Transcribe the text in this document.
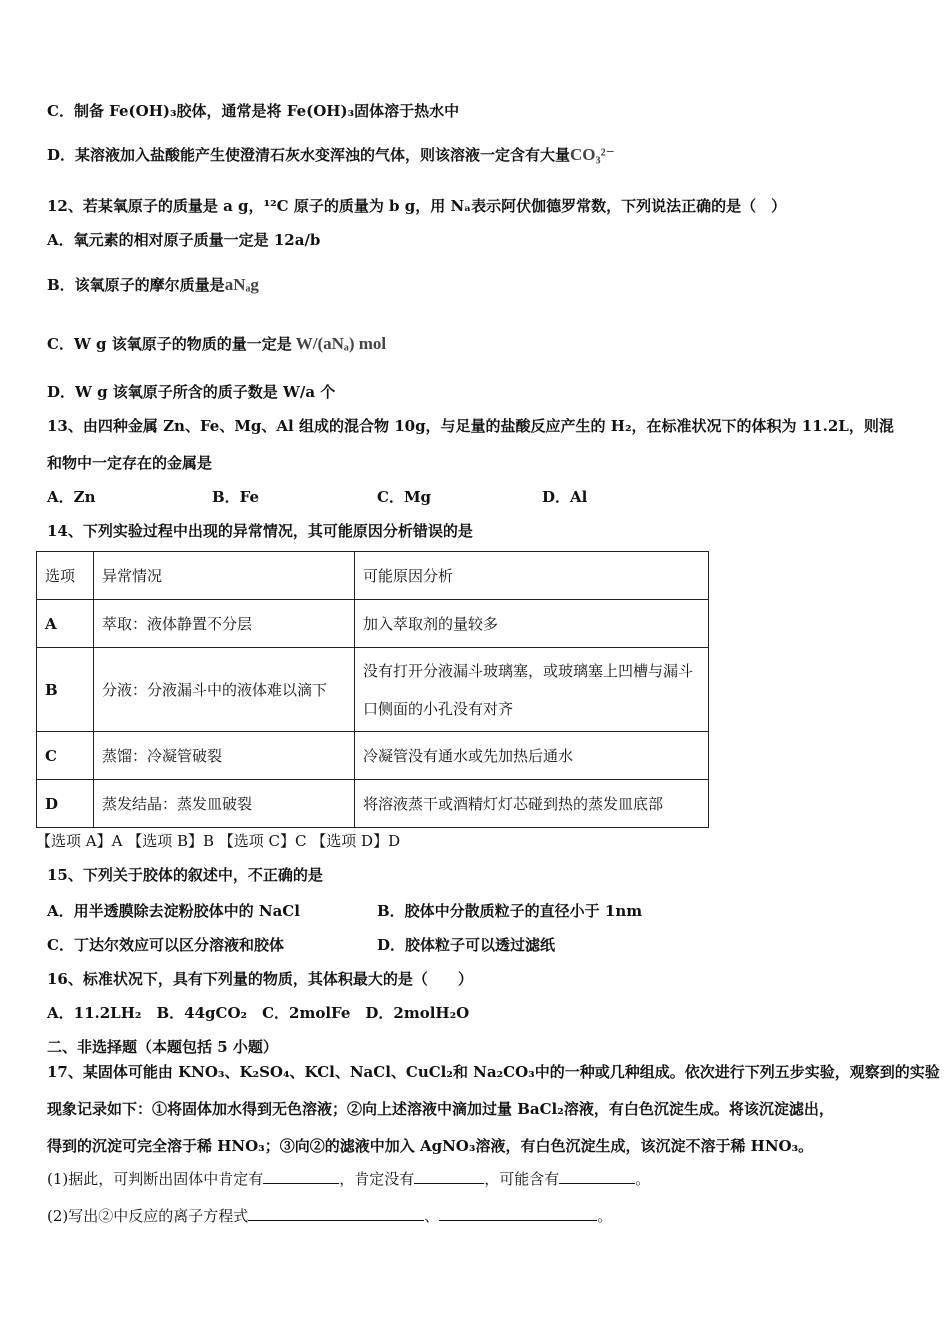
C．制备 Fe(OH)₃胶体，通常是将 Fe(OH)₃固体溶于热水中
D．某溶液加入盐酸能产生使澄清石灰水变浑浊的气体，则该溶液一定含有大量CO₃²⁻
12、若某氧原子的质量是 a g，¹²C 原子的质量为 b g，用 Nₐ表示阿伏伽德罗常数，下列说法正确的是（　）
A．氧元素的相对原子质量一定是 12a/b
B．该氧原子的摩尔质量是aNₐg
C．W g 该氧原子的物质的量一定是 W/(aNₐ) mol
D．W g 该氧原子所含的质子数是 W/a 个
13、由四种金属 Zn、Fe、Mg、Al 组成的混合物 10g，与足量的盐酸反应产生的 H₂，在标准状况下的体积为 11.2L，则混
和物中一定存在的金属是
A．Zn	B．Fe	C．Mg	D．Al
14、下列实验过程中出现的异常情况，其可能原因分析错误的是
选项	异常情况	可能原因分析
A	萃取：液体静置不分层	加入萃取剂的量较多
B	分液：分液漏斗中的液体难以滴下	没有打开分液漏斗玻璃塞，或玻璃塞上凹槽与漏斗口侧面的小孔没有对齐
C	蒸馏：冷凝管破裂	冷凝管没有通水或先加热后通水
D	蒸发结晶：蒸发皿破裂	将溶液蒸干或酒精灯灯芯碰到热的蒸发皿底部
【选项 A】A 【选项 B】B 【选项 C】C 【选项 D】D
15、下列关于胶体的叙述中，不正确的是
A．用半透膜除去淀粉胶体中的 NaCl	B．胶体中分散质粒子的直径小于 1nm
C．丁达尔效应可以区分溶液和胶体	D．胶体粒子可以透过滤纸
16、标准状况下，具有下列量的物质，其体积最大的是（　　）
A．11.2LH₂　B．44gCO₂　C．2molFe　D．2molH₂O
二、非选择题（本题包括 5 小题）
17、某固体可能由 KNO₃、K₂SO₄、KCl、NaCl、CuCl₂和 Na₂CO₃中的一种或几种组成。依次进行下列五步实验，观察到的实验
现象记录如下：①将固体加水得到无色溶液；②向上述溶液中滴加过量 BaCl₂溶液，有白色沉淀生成。将该沉淀滤出，
得到的沉淀可完全溶于稀 HNO₃；③向②的滤液中加入 AgNO₃溶液，有白色沉淀生成，该沉淀不溶于稀 HNO₃。
(1)据此，可判断出固体中肯定有	，肯定没有	，可能含有	。
(2)写出②中反应的离子方程式	、	。
